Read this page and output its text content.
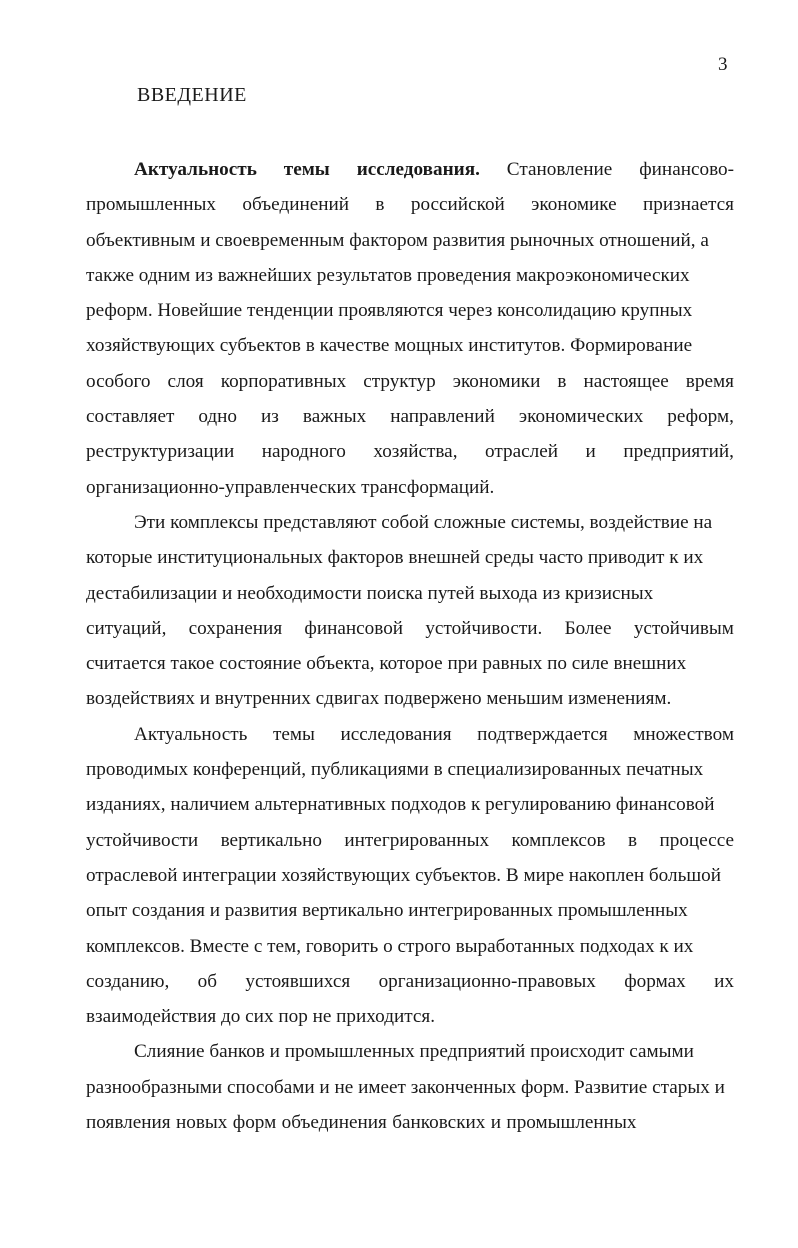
3
ВВЕДЕНИЕ
Актуальность темы исследования. Становление финансово-
промышленных объединений в российской экономике признается
объективным и своевременным фактором развития рыночных отношений, а
также одним из важнейших результатов проведения макроэкономических
реформ. Новейшие тенденции проявляются через консолидацию крупных
хозяйствующих субъектов в качестве мощных институтов. Формирование
особого слоя корпоративных структур экономики в настоящее время
составляет одно из важных направлений экономических реформ,
реструктуризации народного хозяйства, отраслей и предприятий,
организационно-управленческих трансформаций.
Эти комплексы представляют собой сложные системы, воздействие на
которые институциональных факторов внешней среды часто приводит к их
дестабилизации и необходимости поиска путей выхода из кризисных
ситуаций, сохранения финансовой устойчивости. Более устойчивым
считается такое состояние объекта, которое при равных по силе внешних
воздействиях и внутренних сдвигах подвержено меньшим изменениям.
Актуальность темы исследования подтверждается множеством
проводимых конференций, публикациями в специализированных печатных
изданиях, наличием альтернативных подходов к регулированию финансовой
устойчивости вертикально интегрированных комплексов в процессе
отраслевой интеграции хозяйствующих субъектов. В мире накоплен большой
опыт создания и развития вертикально интегрированных промышленных
комплексов. Вместе с тем, говорить о строго выработанных подходах к их
созданию, об устоявшихся организационно-правовых формах их
взаимодействия до сих пор не приходится.
Слияние банков и промышленных предприятий происходит самыми
разнообразными способами и не имеет законченных форм. Развитие старых и
появления новых форм объединения банковских и промышленных
